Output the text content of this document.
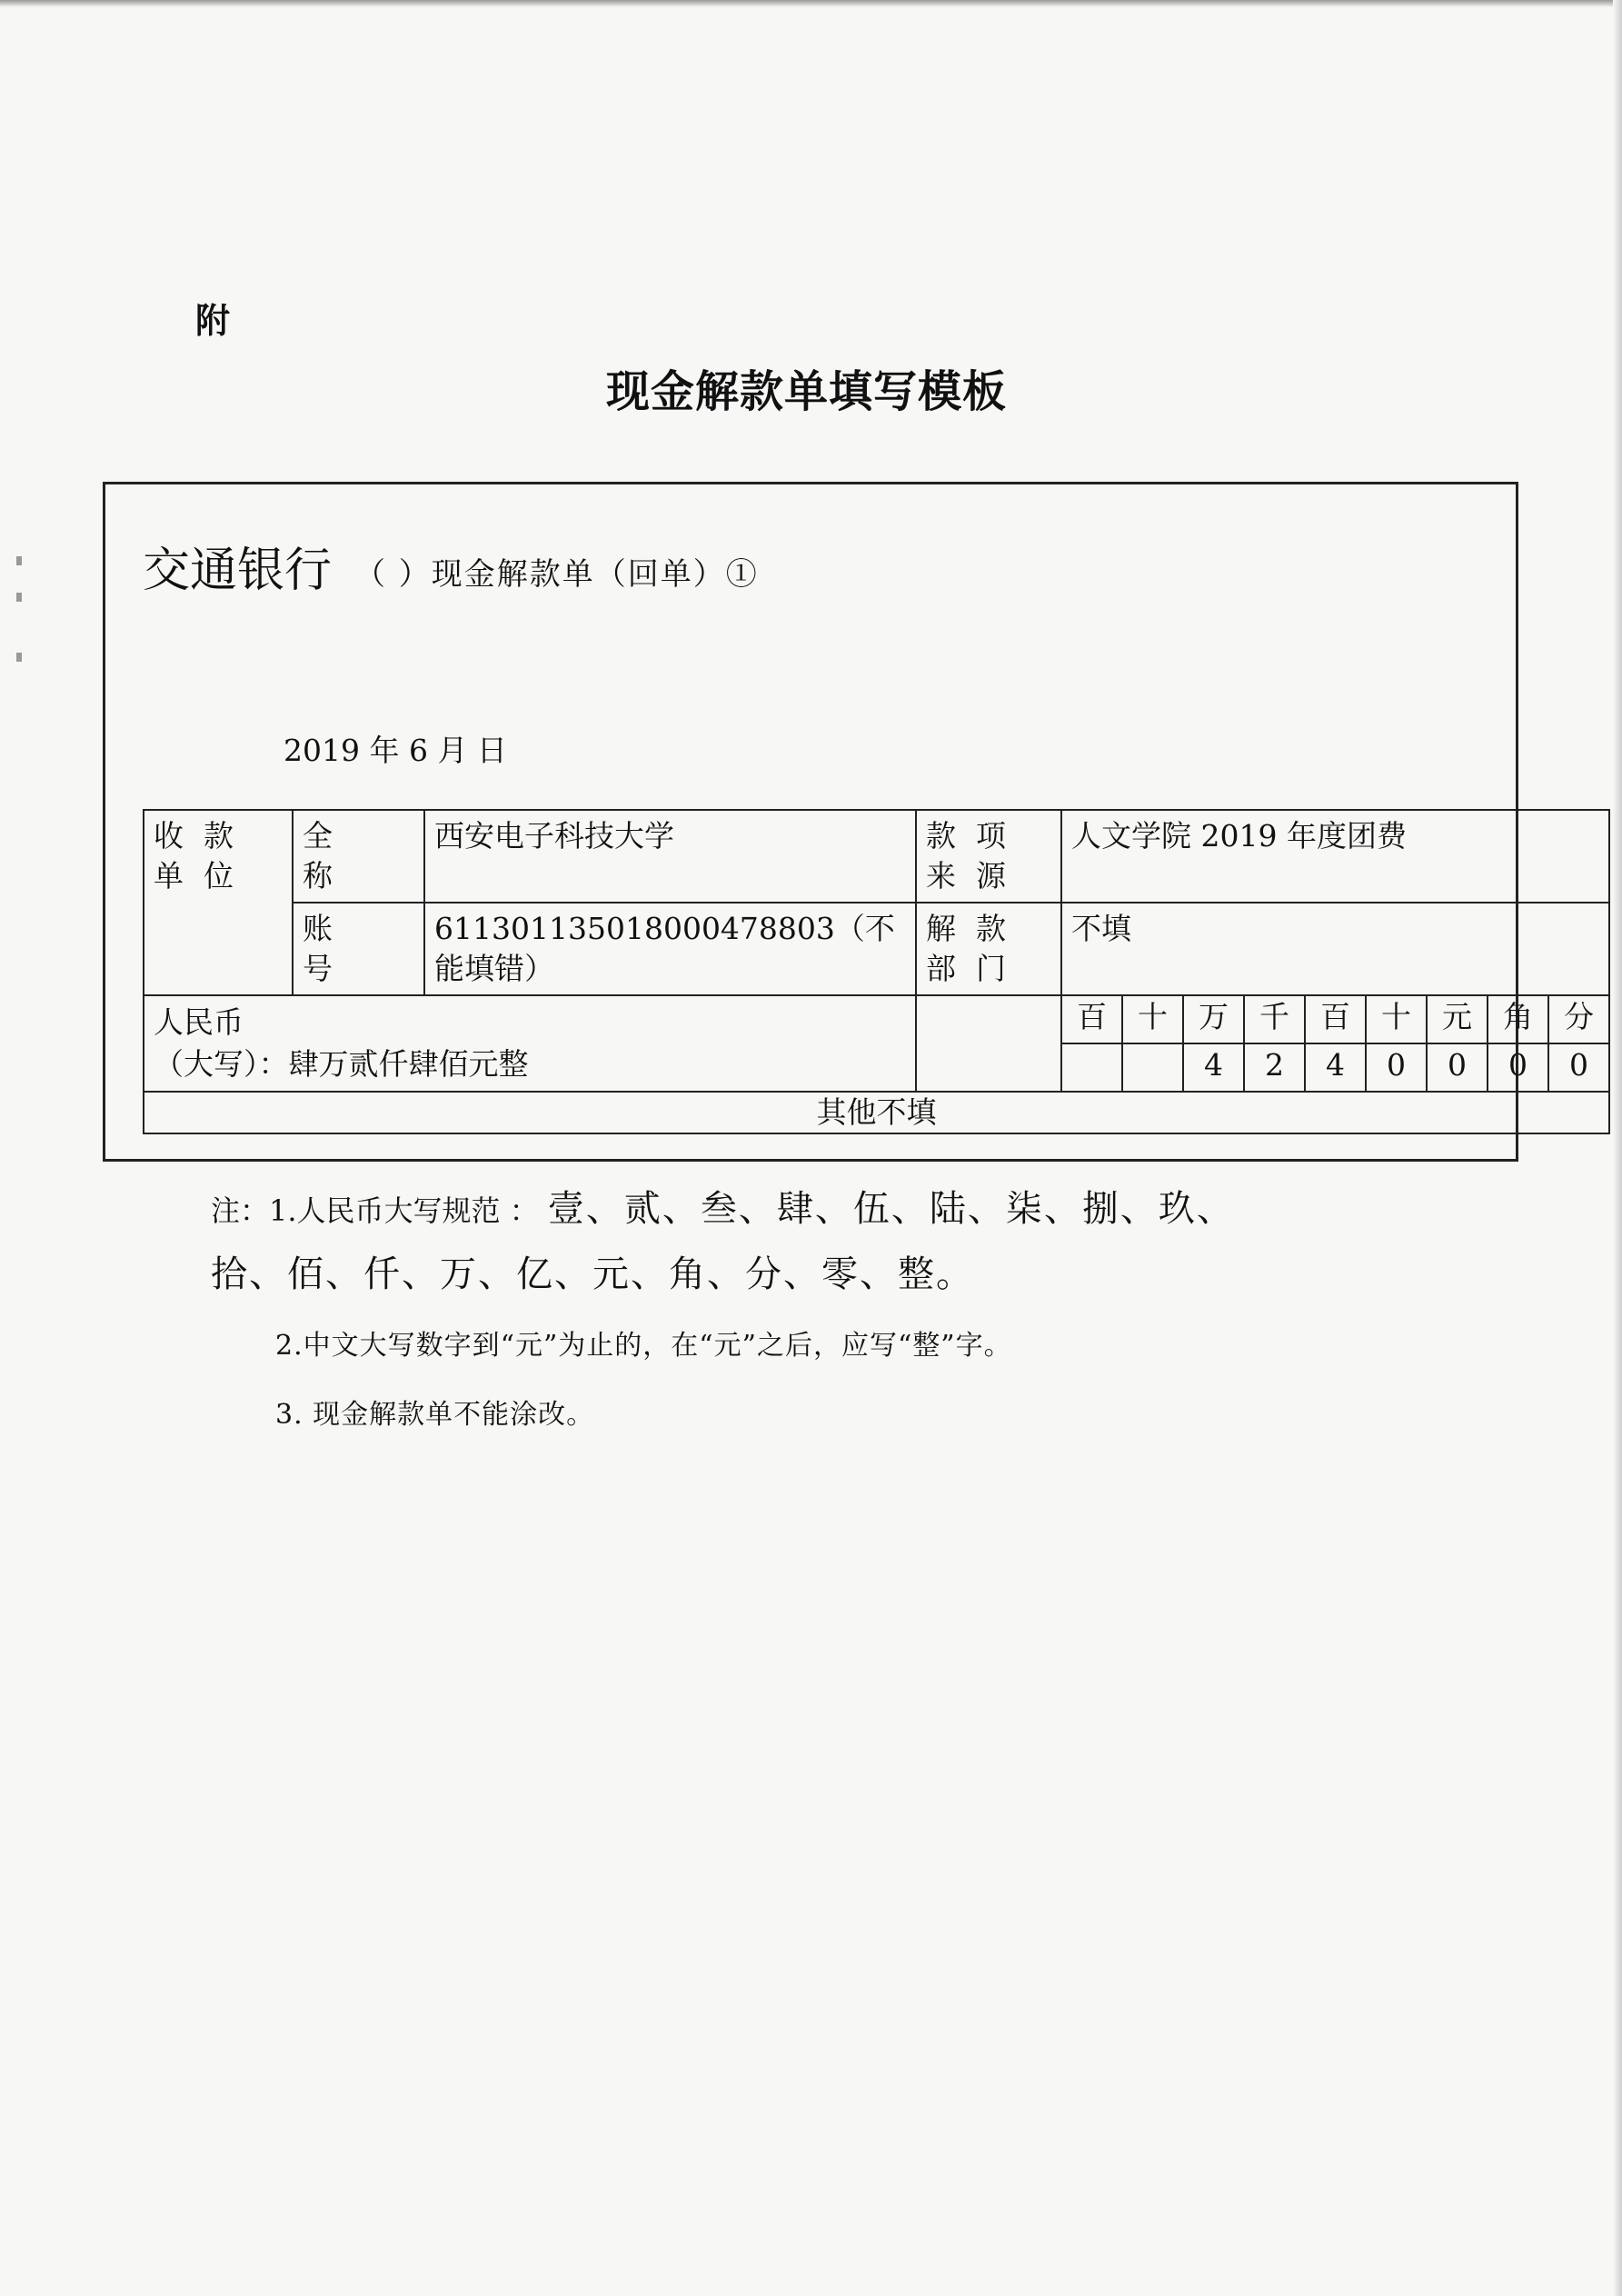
附
现金解款单填写模板
交通银行 （ ）现金解款单（回单）①
2019 年 6 月 日
收款单位	全 称	西安电子科技大学	款项来源	人文学院 2019 年度团费								
	账 号	611301135018000478803（不能填错）	解款部门	不填								

人民币
（大写）：肆万贰仟肆佰元整				百	十	万	千	百	十	元	角	分
						4	2	4	0	0	0	0
其他不填												
注：1.人民币大写规范 ： 壹、贰、叁、肆、伍、陆、柒、捌、玖、
拾、佰、仟、万、亿、元、角、分、零、整。
2.中文大写数字到“元”为止的，在“元”之后，应写“整”字。
3. 现金解款单不能涂改。
